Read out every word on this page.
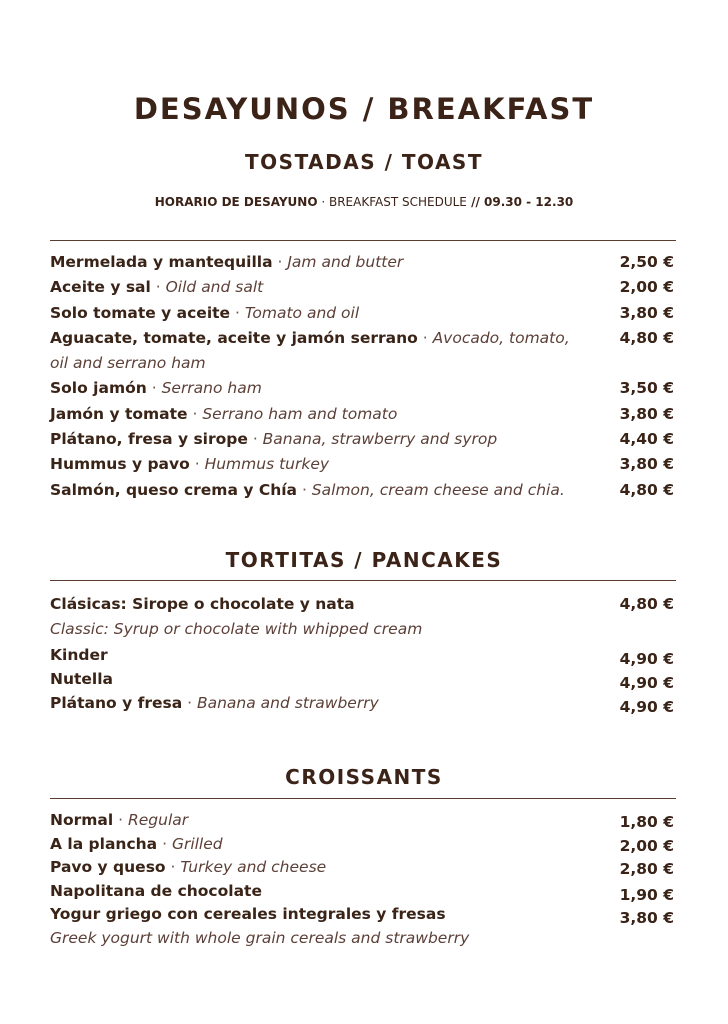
DESAYUNOS / BREAKFAST
TOSTADAS / TOAST
HORARIO DE DESAYUNO · BREAKFAST SCHEDULE // 09.30 - 12.30
Mermelada y mantequilla · Jam and butter	2,50 €
Aceite y sal · Oild and salt	2,00 €
Solo tomate y aceite · Tomato and oil	3,80 €
Aguacate, tomate, aceite y jamón serrano · Avocado, tomato, oil and serrano ham
4,80 €
Solo jamón · Serrano ham	3,50 €
Jamón y tomate · Serrano ham and tomato	3,80 €
Plátano, fresa y sirope · Banana, strawberry and syrop	4,40 €
Hummus y pavo · Hummus turkey	3,80 €
Salmón, queso crema y Chía · Salmon, cream cheese and chia.	4,80 €
TORTITAS / PANCAKES
Clásicas: Sirope o chocolate y nata
Classic: Syrup or chocolate with whipped cream
4,80 €
Kinder	4,90 €
Nutella	4,90 €
Plátano y fresa · Banana and strawberry	4,90 €
CROISSANTS
Normal · Regular	1,80 €
A la plancha · Grilled	2,00 €
Pavo y queso · Turkey and cheese	2,80 €
Napolitana de chocolate	1,90 €
Yogur griego con cereales integrales y fresas
Greek yogurt with whole grain cereals and strawberry
3,80 €
